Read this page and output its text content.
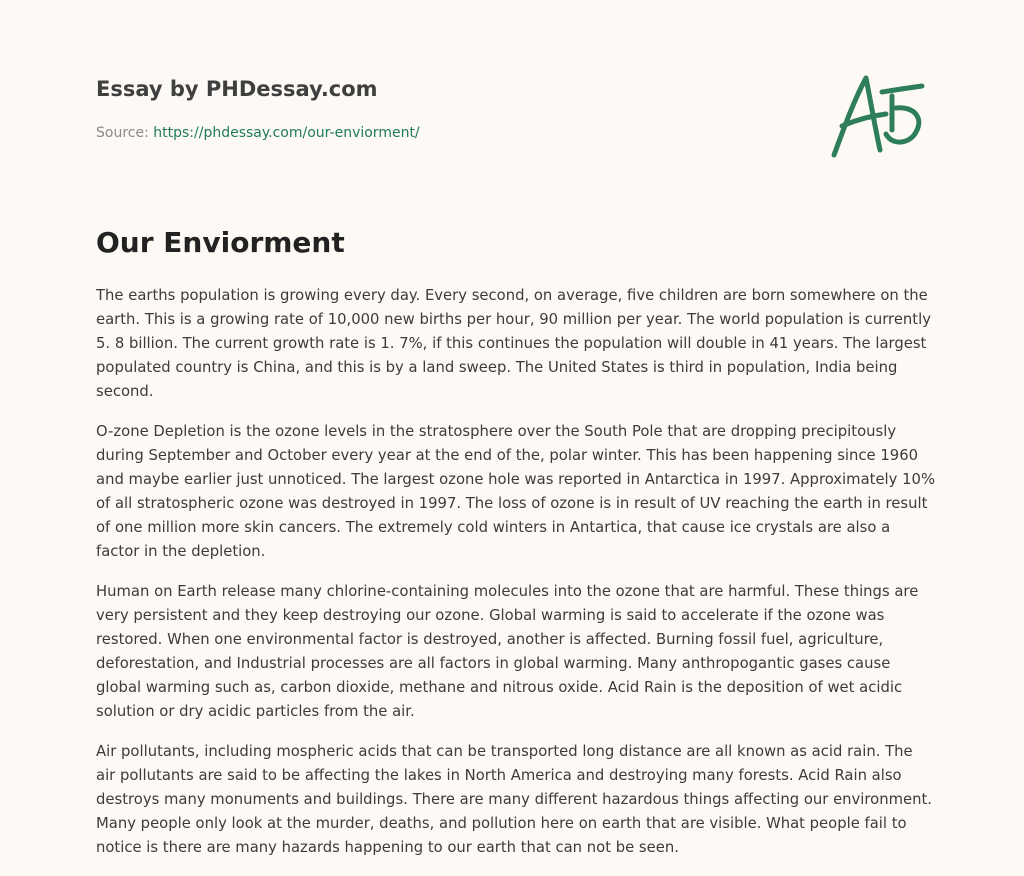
Essay by PHDessay.com
Source: https://phdessay.com/our-enviorment/
Our Enviorment

The earths population is growing every day. Every second, on average, five children are born somewhere on the earth. This is a growing rate of 10,000 new births per hour, 90 million per year. The world population is currently 5. 8 billion. The current growth rate is 1. 7%, if this continues the population will double in 41 years. The largest populated country is China, and this is by a land sweep. The United States is third in population, India being second.

O-zone Depletion is the ozone levels in the stratosphere over the South Pole that are dropping precipitously during September and October every year at the end of the, polar winter. This has been happening since 1960 and maybe earlier just unnoticed. The largest ozone hole was reported in Antarctica in 1997. Approximately 10% of all stratospheric ozone was destroyed in 1997. The loss of ozone is in result of UV reaching the earth in result of one million more skin cancers. The extremely cold winters in Antartica, that cause ice crystals are also a factor in the depletion.

Human on Earth release many chlorine-containing molecules into the ozone that are harmful. These things are very persistent and they keep destroying our ozone. Global warming is said to accelerate if the ozone was restored. When one environmental factor is destroyed, another is affected. Burning fossil fuel, agriculture, deforestation, and Industrial processes are all factors in global warming. Many anthropogantic gases cause global warming such as, carbon dioxide, methane and nitrous oxide. Acid Rain is the deposition of wet acidic solution or dry acidic particles from the air.

Air pollutants, including mospheric acids that can be transported long distance are all known as acid rain. The air pollutants are said to be affecting the lakes in North America and destroying many forests. Acid Rain also destroys many monuments and buildings. There are many different hazardous things affecting our environment. Many people only look at the murder, deaths, and pollution here on earth that are visible. What people fail to notice is there are many hazards happening to our earth that can not be seen.
